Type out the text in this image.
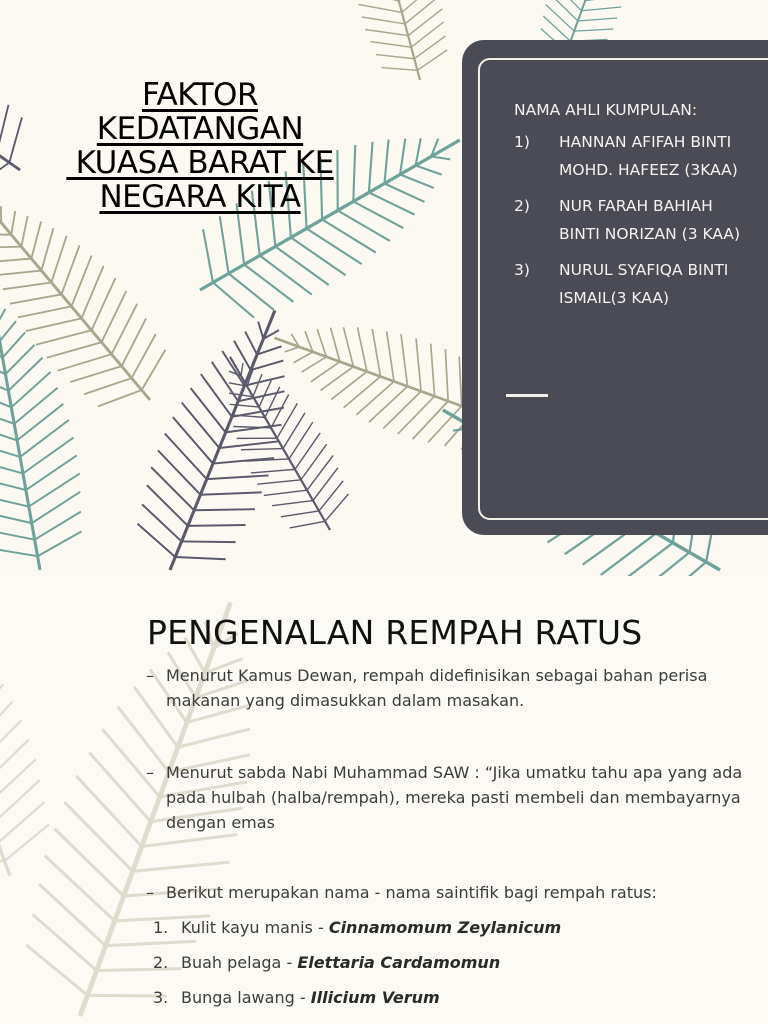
FAKTOR
KEDATANGAN
KUASA BARAT KE
NEGARA KITA
NAMA AHLI KUMPULAN:
1)	HANNAN AFIFAH BINTI MOHD. HAFEEZ (3KAA)
2)	NUR FARAH BAHIAH BINTI NORIZAN (3 KAA)
3)	NURUL SYAFIQA BINTI ISMAIL(3 KAA)
PENGENALAN REMPAH RATUS
– Menurut Kamus Dewan, rempah didefinisikan sebagai bahan perisa makanan yang dimasukkan dalam masakan.
– Menurut sabda Nabi Muhammad SAW : “Jika umatku tahu apa yang ada pada hulbah (halba/rempah), mereka pasti membeli dan membayarnya dengan emas
– Berikut merupakan nama - nama saintifik bagi rempah ratus:
1. Kulit kayu manis - Cinnamomum Zeylanicum
2. Buah pelaga - Elettaria Cardamomun
3. Bunga lawang - Illicium Verum
